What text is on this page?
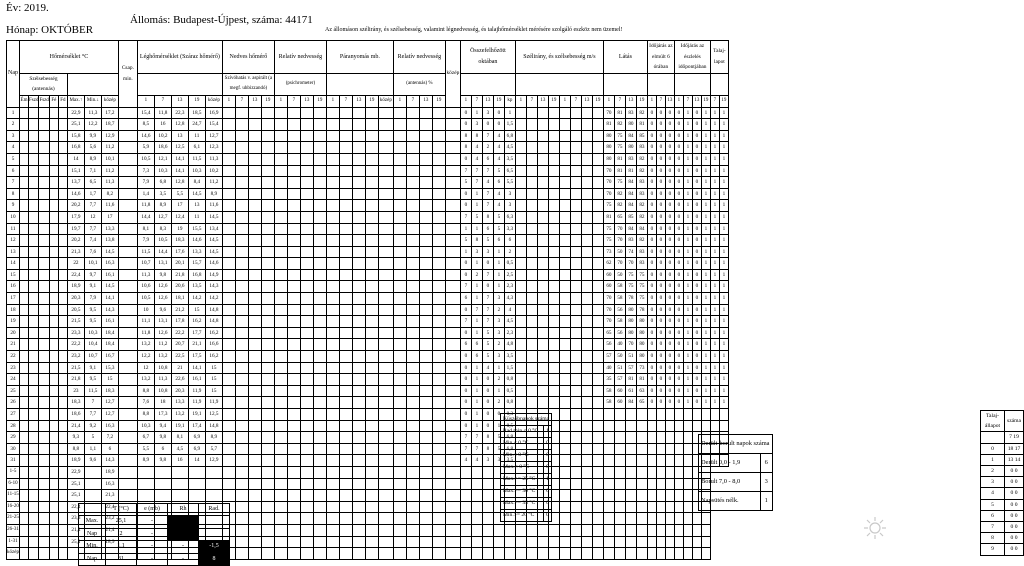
Év: 2019.
Hónap: OKTÓBER
Állomás: Budapest-Újpest, száma: 44171
Az állomáson szélirány, és szélsebesség, valamint légnedvesség, és talajhőmérséklet mérésére szolgáló eszköz nem üzemel!
Nap	Hőmérséklet °C								Csap. min.	Léghőmérséklet (Száraz hőmérő)					Nedves hőmérő				Relatív nedvesség				Páranyomás mb.					Relatív nedvesség				közép	Összefelhőzött oktában					Szélirány, és szélsebesség m/s								Látás				Időjárás az elmúlt 6 órában			Időjárás az észlelés időpontjában				Talaj-lapot	
	Szélsebesség (antennás)														Szívóhatás v. aspirált (a megf. uhbizzandó)				(psichrometer)									(antennás) %																														
	Ém	Fszd	Fszd	Fé	Fd	Max.↑	Min.↓	közép		1	7	13	19	közép	1	7	13	19	1	7	13	19	1	7	13	19	közép	1	7	13	19		1	7	13	19	kp	1	7	13	19	1	7	13	19	1	7	13	19	1	7	13	1	7	13	19	7	19
1						22,9	11,3	17,2		15,4	11,8	22,3	18,5	16,9																			0	1	3	0	1									70	81	83	82	0	0	0	0	1	0	1	1	1
2						25,1	12,2	18,7		8,5	16	12,8	24,7	15,4																			0	3	0	0	1,5									81	82	80	81	0	0	0	0	1	0	1	1	1
3						15,8	9,9	12,9		14,6	10,2	13	11	12,7																			8	8	7	4	6,8									80	75	84	85	0	0	0	0	1	0	1	1	1
4						16,8	5,6	11,2		5,9	18,6	12,5	6,1	12,3																			8	4	2	4	4,5									80	75	80	83	0	0	0	0	1	0	1	1	1
5						14	8,9	10,1		10,5	12,1	14,1	11,5	11,3																			0	4	6	4	3,5									80	81	83	82	0	0	0	0	1	0	1	1	1
6						15,1	7,1	11,2		7,3	10,3	14,1	10,3	10,2																			7	7	7	5	6,5									70	81	81	82	0	0	0	0	1	0	1	1	1
7						13,7	6,5	11,3		7,9	6,8	12,8	8,4	11,2																			5	7	4	6	5,5									70	75	84	83	0	0	0	0	1	0	1	1	1
8						14,6	1,7	8,2		1,4	3,5	5,5	14,5	8,9																			0	1	7	4	3									70	82	84	83	0	0	0	0	1	0	1	1	1
9						20,2	7,7	11,6		11,8	8,9	17	13	11,6																			0	1	7	4	3									75	82	84	82	0	0	0	0	1	0	1	1	1
10						17,9	12	17		14,4	12,7	12,4	11	14,5																			7	5	8	5	6,3									81	65	85	82	0	0	0	0	1	0	1	1	1
11						19,7	7,7	13,3		8,1	8,3	19	15,5	13,4																			1	1	6	5	3,3									75	70	84	84	0	0	0	0	1	0	1	1	1
12						20,2	7,4	13,8		7,9	10,5	18,3	14,6	14,5																			5	8	5	6	6									75	70	83	82	0	0	0	0	1	0	1	1	1
13						21,3	7,6	14,5		11,5	14,4	17,6	13,3	14,5																			1	3	3	1	2									73	50	74	83	0	0	0	0	1	0	1	1	1
14						22	10,1	16,3		10,7	13,1	20,1	15,7	14,6																			0	1	0	1	0,5									62	70	70	83	0	0	0	0	1	0	1	1	1
15						22,4	9,7	16,1		11,3	9,8	21,8	16,8	14,9																			0	2	7	1	2,5									60	50	75	75	0	0	0	0	1	0	1	1	1
16						18,9	9,1	14,5		10,6	12,6	20,6	13,5	14,3																			7	1	0	1	2,3									60	58	75	75	0	0	0	0	1	0	1	1	1
17						20,3	7,9	14,1		10,5	12,6	18,1	14,2	14,2																			6	1	7	3	4,3									70	58	78	75	0	0	0	0	1	0	1	1	1
18						20,5	9,5	14,3		10	9,6	21,2	15	14,8																			0	7	7	2	4									70	56	80	78	0	0	0	0	1	0	1	1	1
19						21,5	9,5	16,1		11,1	13,1	17,8	16,2	14,8																			7	1	7	3	4,5									70	58	80	80	0	0	0	0	1	0	1	1	1
20						23,3	10,3	18,4		11,8	12,6	22,2	17,7	16,2																			0	1	5	3	2,3									65	56	80	80	0	0	0	0	1	0	1	1	1
21						22,2	10,4	18,4		13,2	11,2	20,7	21,1	16,6																			6	6	5	2	4,8									56	40	70	80	0	0	0	0	1	0	1	1	1
22						23,2	10,7	16,7		12,2	13,2	22,5	17,5	16,2																			0	6	5	3	3,5									57	50	51	80	0	0	0	0	1	0	1	1	1
23						21,5	9,1	15,3		12	10,8	21	14,1	15																			0	1	4	1	1,5									40	51	57	73	0	0	0	0	1	0	1	1	1
24						21,8	9,5	15		13,2	11,3	22,6	16,1	15																			0	1	0	2	0,8									35	57	81	81	0	0	0	0	1	0	1	1	1
25						23	11,5	18,3		8,8	10,8	20,3	11,9	15																			0	1	0	1	0,5									58	60	61	63	0	0	0	0	1	0	1	1	1
26						18,3	7	12,7		7,6	18	13,3	11,9	11,9																			0	1	0	2	0,8									58	60	84	65	0	0	0	0	1	0	1	1	1
27						18,6	7,7	12,7		8,8	17,3	13,2	19,1	12,5																			0	1	0	0	0,3																					
28						21,4	9,2	16,3		10,3	9,4	19,1	17,4	14,8																			0	1	0	1	0,5																					
29						9,3	5	7,2		6,7	9,8	8,1	6,9	8,9																			7	7	8	5	6,8																					
30						8,8	1,1	6		5,5	6	4,5	6,9	5,7																			7	7	8	5	6,8																					
31						18,9	9,6	14,3		8,9	9,8	16	14	12,9																			4	4	3	3	3,5																					
1-5						22,9		18,9																																																		
6-10						25,1		16,3																																																		
11-15						25,1		21,3																																																		
16-20						22,4		22,4																																																		
21-25						23,3		23,2																																																		
26-31						21,4		21,4																																																		
1-31						25,1		18,9																																																		
közép																																																										
Küszöbnapok száma	
Rad.min < 0 °C	1
Min.< 0 °C	0
Min.< 0 °C	0
Max.< 0 °C	0
Max.>= 25 °C	1
Max.>= 30 °C	0
Max.>= 35 °C	0
Min.>= 20 °C	0
Derült-borult napok száma	
Derült 0,0 - 1,9	6
Borult 7,0 - 8,0	3
Napsütés nélk.	1
Talaj-állapot	száma
	7 19
0	18 17
1	13 14
2	0 0
3	0 0
4	0 0
5	0 0
6	0 0
7	0 0
8	0 0
9	0 0
	T (°C)	e (mb)	Rh	Rad.
Max.	25,1	-		
Nap	2	-		
Min.	1,1	-	-	-1,5
Nap	31	-	-	8
